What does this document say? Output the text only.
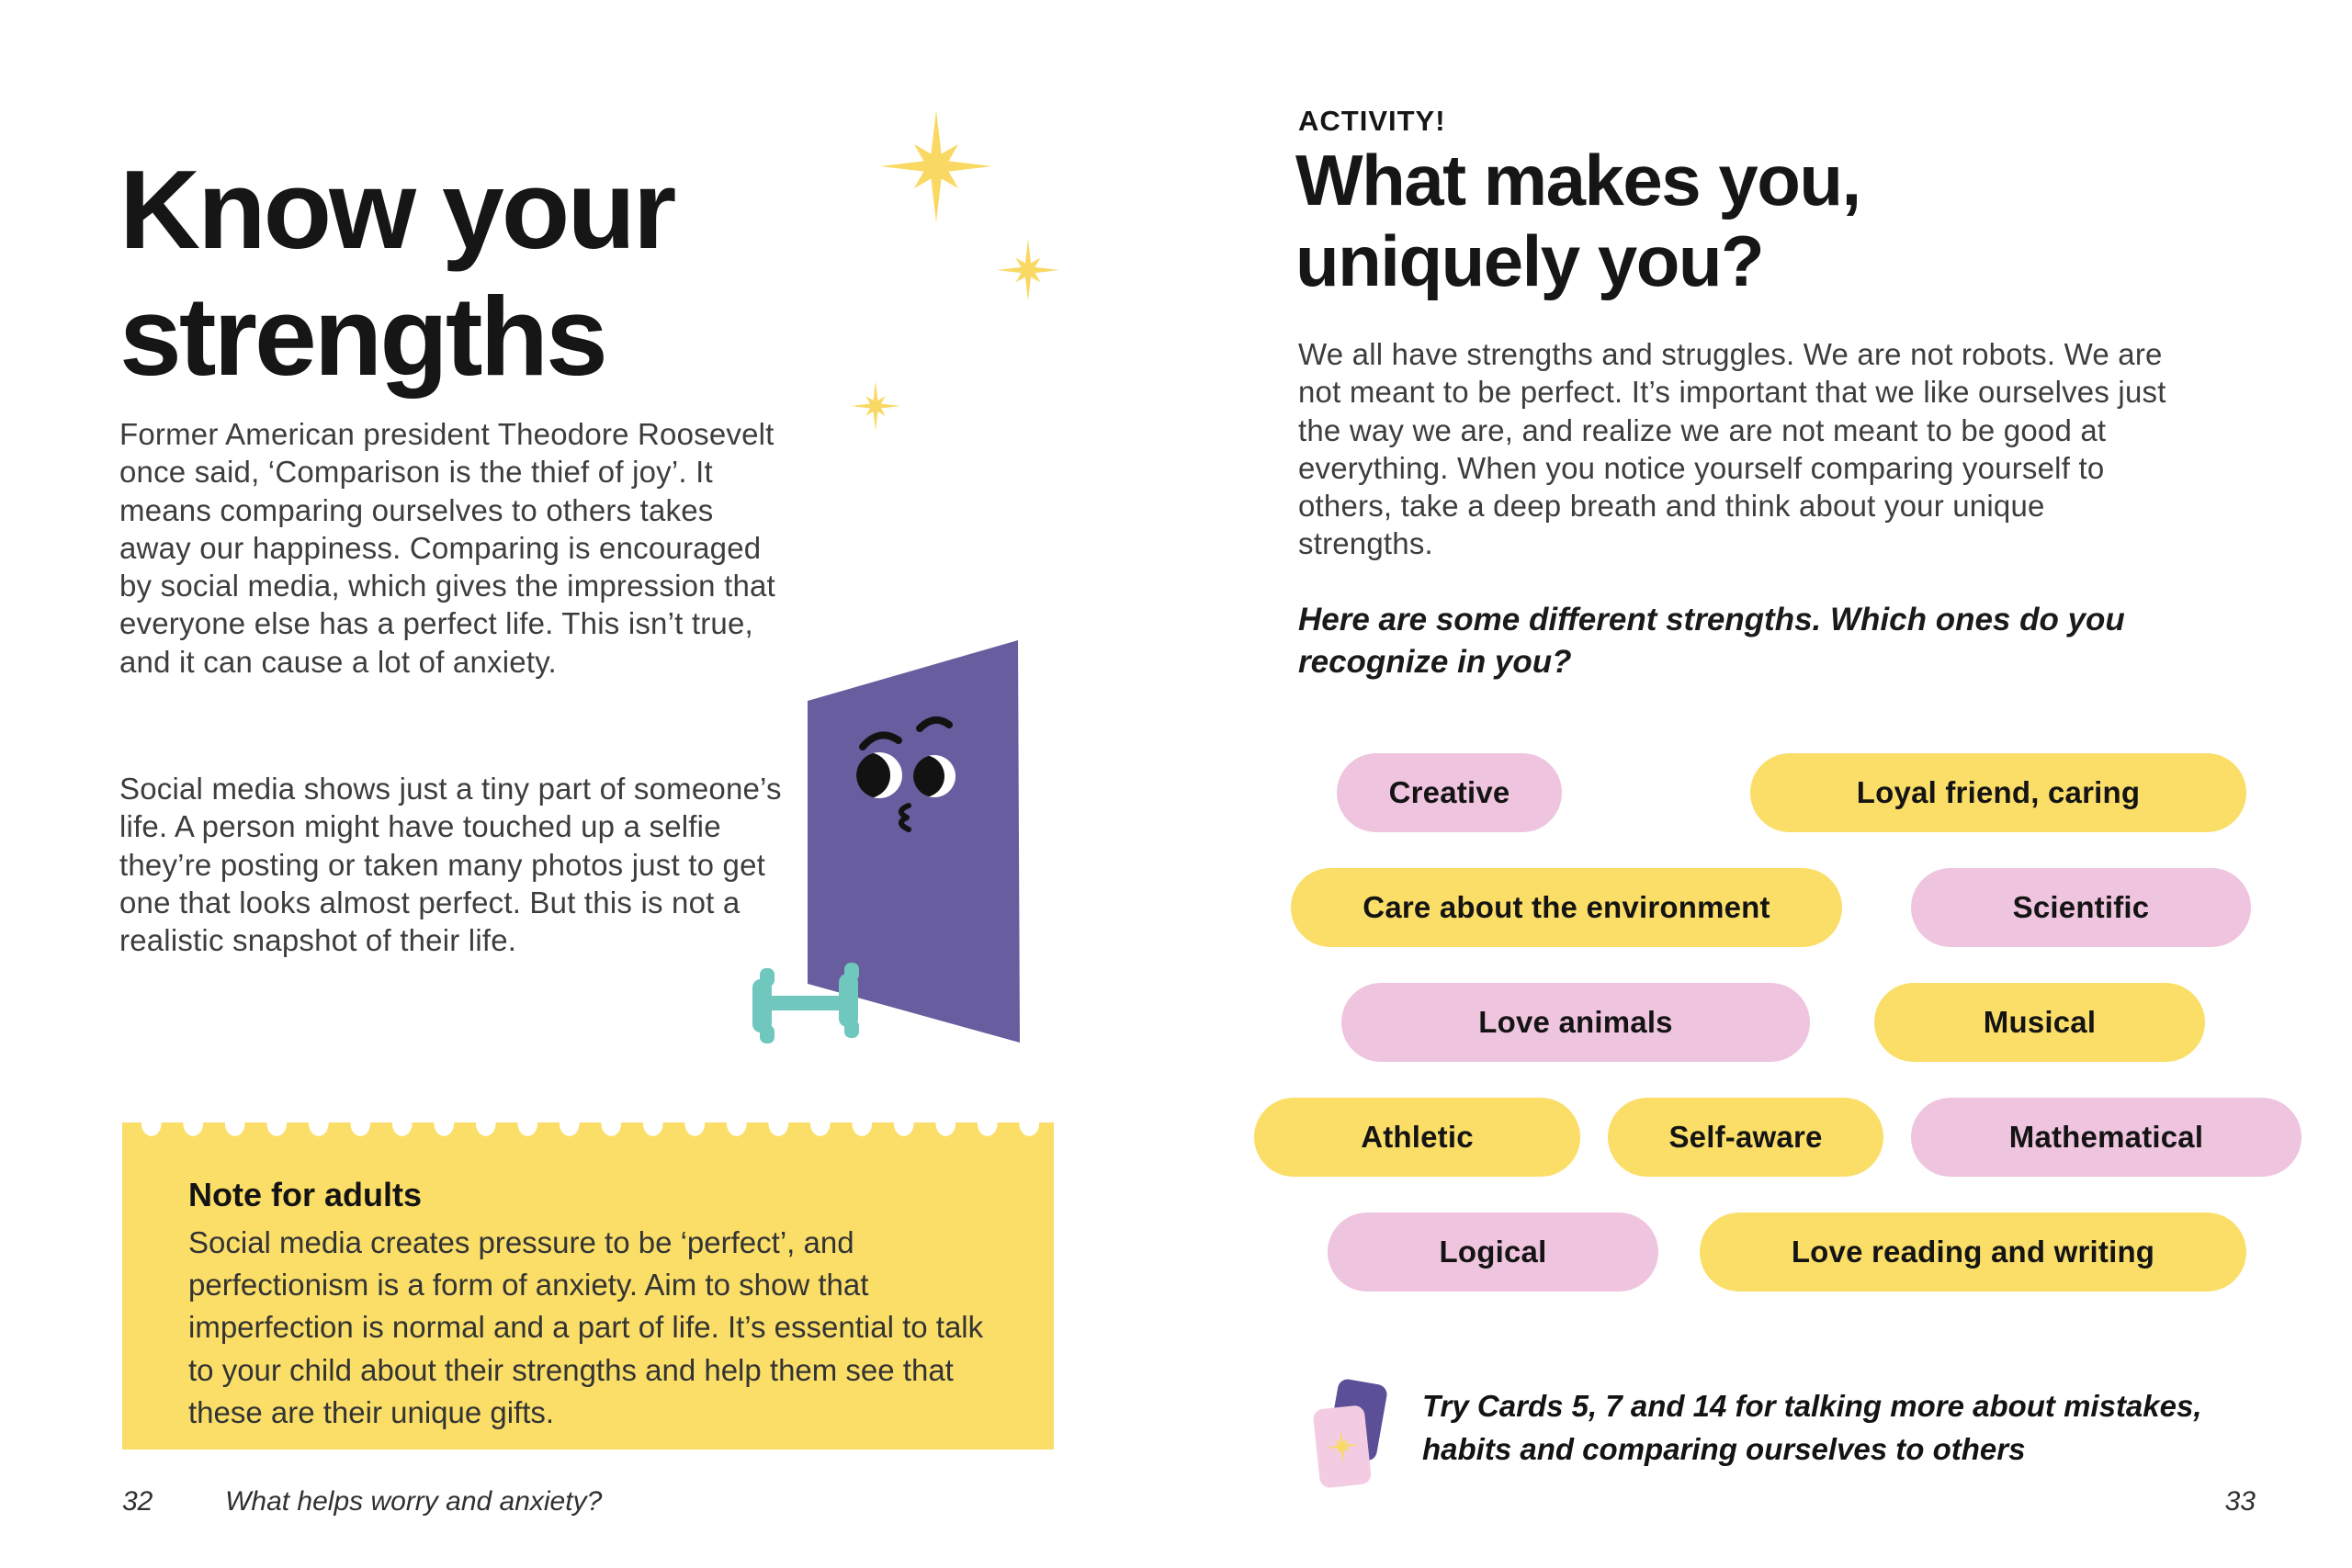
Know your strengths

Former American president Theodore Roosevelt once said, ‘Comparison is the thief of joy’. It means comparing ourselves to others takes away our happiness. Comparing is encouraged by social media, which gives the impression that everyone else has a perfect life. This isn’t true, and it can cause a lot of anxiety.

Social media shows just a tiny part of someone’s life. A person might have touched up a selfie they’re posting or taken many photos just to get one that looks almost perfect. But this is not a realistic snapshot of their life.

Note for adults

Social media creates pressure to be ‘perfect’, and perfectionism is a form of anxiety. Aim to show that imperfection is normal and a part of life. It’s essential to talk to your child about their strengths and help them see that these are their unique gifts.

32	What helps worry and anxiety?
ACTIVITY!
What makes you, uniquely you?

We all have strengths and struggles. We are not robots. We are not meant to be perfect. It’s important that we like ourselves just the way we are, and realize we are not meant to be good at everything. When you notice yourself comparing yourself to others, take a deep breath and think about your unique strengths.

Here are some different strengths. Which ones do you recognize in you?

Creative	Loyal friend, caring
Care about the environment	Scientific
Love animals	Musical
Athletic	Self-aware	Mathematical
Logical	Love reading and writing

Try Cards 5, 7 and 14 for talking more about mistakes, habits and comparing ourselves to others

33
